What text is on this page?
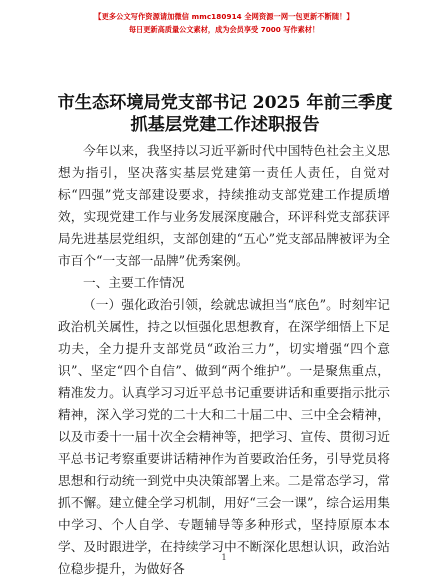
【更多公文写作资源请加微信 mmc180914 全网资源一网一包更新不断随！】
每日更新高质量公文素材，成为会员享受 7000 写作素材！
市生态环境局党支部书记 2025 年前三季度抓基层党建工作述职报告

今年以来，我坚持以习近平新时代中国特色社会主义思想为指引，坚决落实基层党建第一责任人责任，自觉对标“四强”党支部建设要求，持续推动支部党建工作提质增效，实现党建工作与业务发展深度融合，环评科党支部获评局先进基层党组织，支部创建的“五心”党支部品牌被评为全市百个“一支部一品牌”优秀案例。

一、主要工作情况

（一）强化政治引领，绘就忠诚担当“底色”。时刻牢记政治机关属性，持之以恒强化思想教育，在深学细悟上下足功夫，全力提升支部党员“政治三力”，切实增强“四个意识”、坚定“四个自信”、做到“两个维护”。一是聚焦重点，精准发力。认真学习习近平总书记重要讲话和重要指示批示精神，深入学习党的二十大和二十届二中、三中全会精神，以及市委十一届十次全会精神等，把学习、宣传、贯彻习近平总书记考察重要讲话精神作为首要政治任务，引导党员将思想和行动统一到党中央决策部署上来。二是常态学习，常抓不懈。建立健全学习机制，用好“三会一课”，综合运用集中学习、个人自学、专题辅导等多种形式，坚持原原本本学、及时跟进学，在持续学习中不断深化思想认识，政治站位稳步提升，为做好各

1
